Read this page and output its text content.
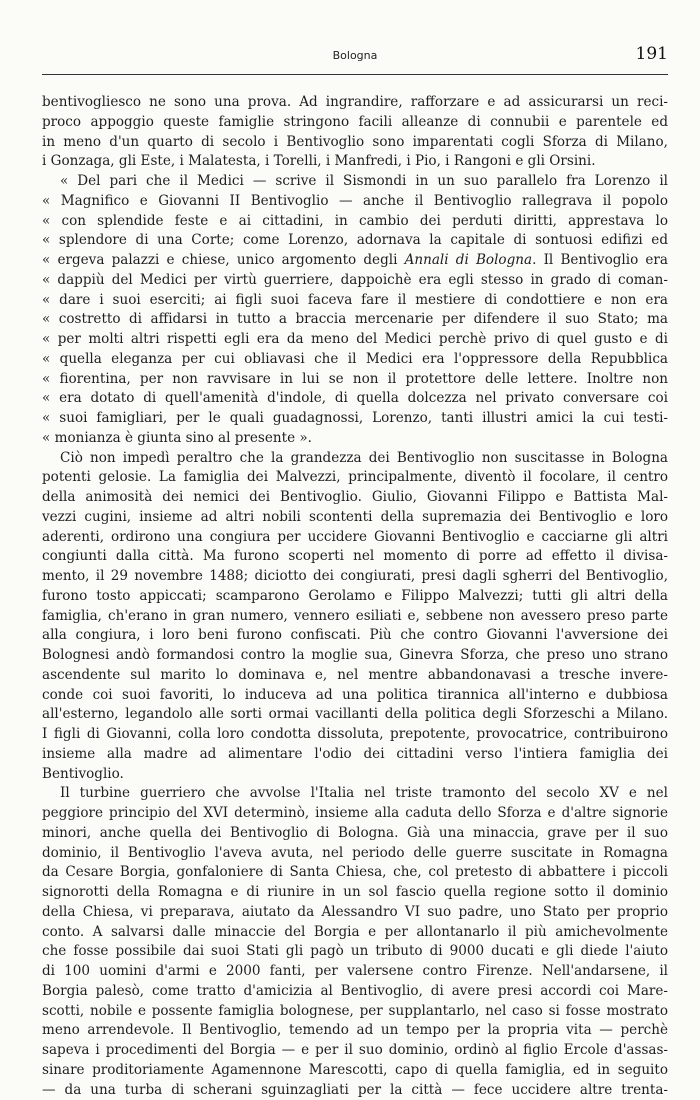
Bologna	191
bentivogliesco ne sono una prova. Ad ingrandire, rafforzare e ad assicurarsi un reci-
proco appoggio queste famiglie stringono facili alleanze di connubii e parentele ed
in meno d'un quarto di secolo i Bentivoglio sono imparentati cogli Sforza di Milano,
i Gonzaga, gli Este, i Malatesta, i Torelli, i Manfredi, i Pio, i Rangoni e gli Orsini.
« Del pari che il Medici — scrive il Sismondi in un suo parallelo fra Lorenzo il
« Magnifico e Giovanni II Bentivoglio — anche il Bentivoglio rallegrava il popolo
« con splendide feste e ai cittadini, in cambio dei perduti diritti, apprestava lo
« splendore di una Corte; come Lorenzo, adornava la capitale di sontuosi edifizi ed
« ergeva palazzi e chiese, unico argomento degli Annali di Bologna. Il Bentivoglio era
« dappiù del Medici per virtù guerriere, dappoichè era egli stesso in grado di coman-
« dare i suoi eserciti; ai figli suoi faceva fare il mestiere di condottiere e non era
« costretto di affidarsi in tutto a braccia mercenarie per difendere il suo Stato; ma
« per molti altri rispetti egli era da meno del Medici perchè privo di quel gusto e di
« quella eleganza per cui obliavasi che il Medici era l'oppressore della Repubblica
« fiorentina, per non ravvisare in lui se non il protettore delle lettere. Inoltre non
« era dotato di quell'amenità d'indole, di quella dolcezza nel privato conversare coi
« suoi famigliari, per le quali guadagnossi, Lorenzo, tanti illustri amici la cui testi-
« monianza è giunta sino al presente ».
Ciò non impedì peraltro che la grandezza dei Bentivoglio non suscitasse in Bologna
potenti gelosie. La famiglia dei Malvezzi, principalmente, diventò il focolare, il centro
della animosità dei nemici dei Bentivoglio. Giulio, Giovanni Filippo e Battista Mal-
vezzi cugini, insieme ad altri nobili scontenti della supremazia dei Bentivoglio e loro
aderenti, ordirono una congiura per uccidere Giovanni Bentivoglio e cacciarne gli altri
congiunti dalla città. Ma furono scoperti nel momento di porre ad effetto il divisa-
mento, il 29 novembre 1488; diciotto dei congiurati, presi dagli sgherri del Bentivoglio,
furono tosto appiccati; scamparono Gerolamo e Filippo Malvezzi; tutti gli altri della
famiglia, ch'erano in gran numero, vennero esiliati e, sebbene non avessero preso parte
alla congiura, i loro beni furono confiscati. Più che contro Giovanni l'avversione dei
Bolognesi andò formandosi contro la moglie sua, Ginevra Sforza, che preso uno strano
ascendente sul marito lo dominava e, nel mentre abbandonavasi a tresche invere-
conde coi suoi favoriti, lo induceva ad una politica tirannica all'interno e dubbiosa
all'esterno, legandolo alle sorti ormai vacillanti della politica degli Sforzeschi a Milano.
I figli di Giovanni, colla loro condotta dissoluta, prepotente, provocatrice, contribuirono
insieme alla madre ad alimentare l'odio dei cittadini verso l'intiera famiglia dei
Bentivoglio.
Il turbine guerriero che avvolse l'Italia nel triste tramonto del secolo XV e nel
peggiore principio del XVI determinò, insieme alla caduta dello Sforza e d'altre signorie
minori, anche quella dei Bentivoglio di Bologna. Già una minaccia, grave per il suo
dominio, il Bentivoglio l'aveva avuta, nel periodo delle guerre suscitate in Romagna
da Cesare Borgia, gonfaloniere di Santa Chiesa, che, col pretesto di abbattere i piccoli
signorotti della Romagna e di riunire in un sol fascio quella regione sotto il dominio
della Chiesa, vi preparava, aiutato da Alessandro VI suo padre, uno Stato per proprio
conto. A salvarsi dalle minaccie del Borgia e per allontanarlo il più amichevolmente
che fosse possibile dai suoi Stati gli pagò un tributo di 9000 ducati e gli diede l'aiuto
di 100 uomini d'armi e 2000 fanti, per valersene contro Firenze. Nell'andarsene, il
Borgia palesò, come tratto d'amicizia al Bentivoglio, di avere presi accordi coi Mare-
scotti, nobile e possente famiglia bolognese, per supplantarlo, nel caso si fosse mostrato
meno arrendevole. Il Bentivoglio, temendo ad un tempo per la propria vita — perchè
sapeva i procedimenti del Borgia — e per il suo dominio, ordinò al figlio Ercole d'assas-
sinare proditoriamente Agamennone Marescotti, capo di quella famiglia, ed in seguito
— da una turba di scherani sguinzagliati per la città — fece uccidere altre trenta-
